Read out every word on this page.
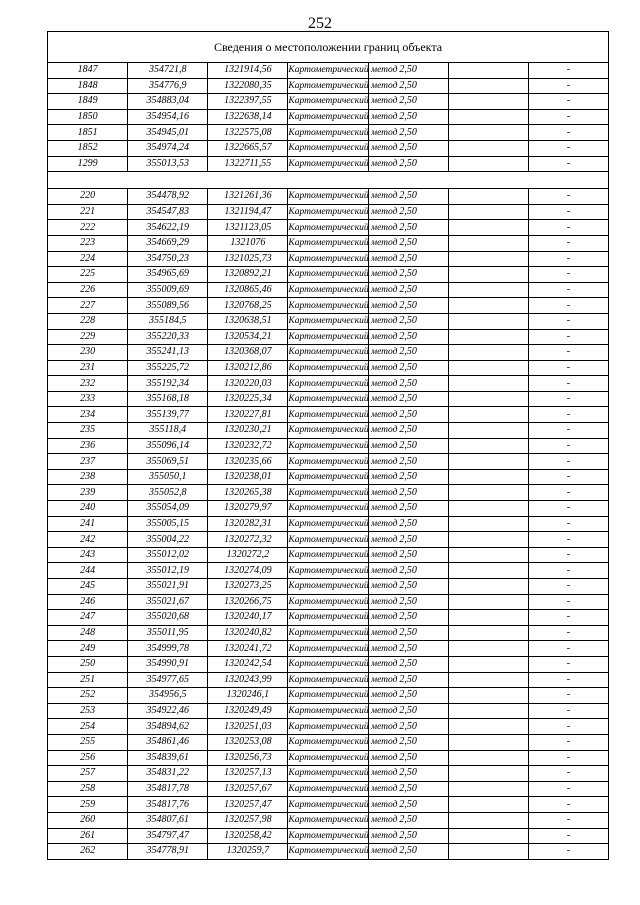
252
Сведения о местоположении границ объекта						
1847	354721,8	1321914,56	Картометрический метод	2,50		-
1848	354776,9	1322080,35	Картометрический метод	2,50		-
1849	354883,04	1322397,55	Картометрический метод	2,50		-
1850	354954,16	1322638,14	Картометрический метод	2,50		-
1851	354945,01	1322575,08	Картометрический метод	2,50		-
1852	354974,24	1322665,57	Картометрический метод	2,50		-
1299	355013,53	1322711,55	Картометрический метод	2,50		-

220	354478,92	1321261,36	Картометрический метод	2,50		-
221	354547,83	1321194,47	Картометрический метод	2,50		-
222	354622,19	1321123,05	Картометрический метод	2,50		-
223	354669,29	1321076	Картометрический метод	2,50		-
224	354750,23	1321025,73	Картометрический метод	2,50		-
225	354965,69	1320892,21	Картометрический метод	2,50		-
226	355009,69	1320865,46	Картометрический метод	2,50		-
227	355089,56	1320768,25	Картометрический метод	2,50		-
228	355184,5	1320638,51	Картометрический метод	2,50		-
229	355220,33	1320534,21	Картометрический метод	2,50		-
230	355241,13	1320368,07	Картометрический метод	2,50		-
231	355225,72	1320212,86	Картометрический метод	2,50		-
232	355192,34	1320220,03	Картометрический метод	2,50		-
233	355168,18	1320225,34	Картометрический метод	2,50		-
234	355139,77	1320227,81	Картометрический метод	2,50		-
235	355118,4	1320230,21	Картометрический метод	2,50		-
236	355096,14	1320232,72	Картометрический метод	2,50		-
237	355069,51	1320235,66	Картометрический метод	2,50		-
238	355050,1	1320238,01	Картометрический метод	2,50		-
239	355052,8	1320265,38	Картометрический метод	2,50		-
240	355054,09	1320279,97	Картометрический метод	2,50		-
241	355005,15	1320282,31	Картометрический метод	2,50		-
242	355004,22	1320272,32	Картометрический метод	2,50		-
243	355012,02	1320272,2	Картометрический метод	2,50		-
244	355012,19	1320274,09	Картометрический метод	2,50		-
245	355021,91	1320273,25	Картометрический метод	2,50		-
246	355021,67	1320266,75	Картометрический метод	2,50		-
247	355020,68	1320240,17	Картометрический метод	2,50		-
248	355011,95	1320240,82	Картометрический метод	2,50		-
249	354999,78	1320241,72	Картометрический метод	2,50		-
250	354990,91	1320242,54	Картометрический метод	2,50		-
251	354977,65	1320243,99	Картометрический метод	2,50		-
252	354956,5	1320246,1	Картометрический метод	2,50		-
253	354922,46	1320249,49	Картометрический метод	2,50		-
254	354894,62	1320251,03	Картометрический метод	2,50		-
255	354861,46	1320253,08	Картометрический метод	2,50		-
256	354839,61	1320256,73	Картометрический метод	2,50		-
257	354831,22	1320257,13	Картометрический метод	2,50		-
258	354817,78	1320257,67	Картометрический метод	2,50		-
259	354817,76	1320257,47	Картометрический метод	2,50		-
260	354807,61	1320257,98	Картометрический метод	2,50		-
261	354797,47	1320258,42	Картометрический метод	2,50		-
262	354778,91	1320259,7	Картометрический метод	2,50		-
